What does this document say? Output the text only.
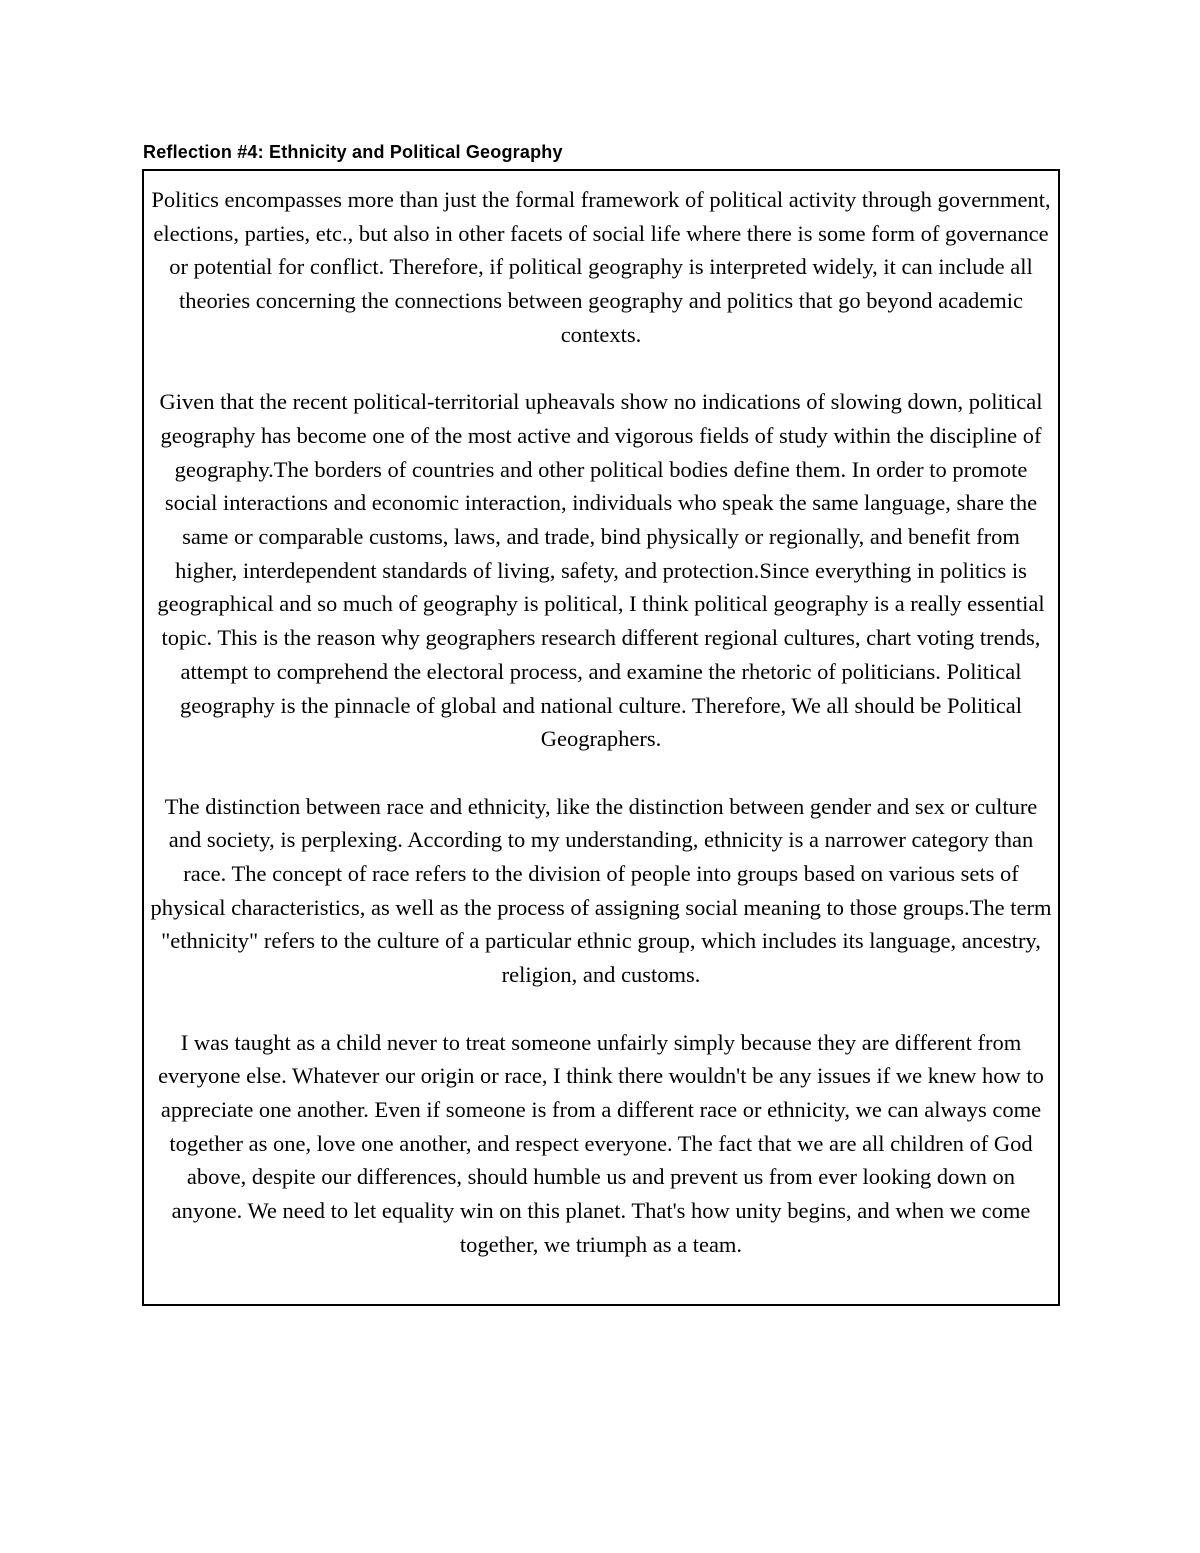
Reflection #4: Ethnicity and Political Geography

Politics encompasses more than just the formal framework of political activity through government, elections, parties, etc., but also in other facets of social life where there is some form of governance or potential for conflict. Therefore, if political geography is interpreted widely, it can include all theories concerning the connections between geography and politics that go beyond academic contexts.

Given that the recent political-territorial upheavals show no indications of slowing down, political geography has become one of the most active and vigorous fields of study within the discipline of geography.The borders of countries and other political bodies define them. In order to promote social interactions and economic interaction, individuals who speak the same language, share the same or comparable customs, laws, and trade, bind physically or regionally, and benefit from higher, interdependent standards of living, safety, and protection.Since everything in politics is geographical and so much of geography is political, I think political geography is a really essential topic. This is the reason why geographers research different regional cultures, chart voting trends, attempt to comprehend the electoral process, and examine the rhetoric of politicians. Political geography is the pinnacle of global and national culture. Therefore, We all should be Political Geographers.

The distinction between race and ethnicity, like the distinction between gender and sex or culture and society, is perplexing. According to my understanding, ethnicity is a narrower category than race. The concept of race refers to the division of people into groups based on various sets of physical characteristics, as well as the process of assigning social meaning to those groups.The term "ethnicity" refers to the culture of a particular ethnic group, which includes its language, ancestry, religion, and customs.

I was taught as a child never to treat someone unfairly simply because they are different from everyone else. Whatever our origin or race, I think there wouldn't be any issues if we knew how to appreciate one another. Even if someone is from a different race or ethnicity, we can always come together as one, love one another, and respect everyone. The fact that we are all children of God above, despite our differences, should humble us and prevent us from ever looking down on anyone. We need to let equality win on this planet. That's how unity begins, and when we come together, we triumph as a team.
